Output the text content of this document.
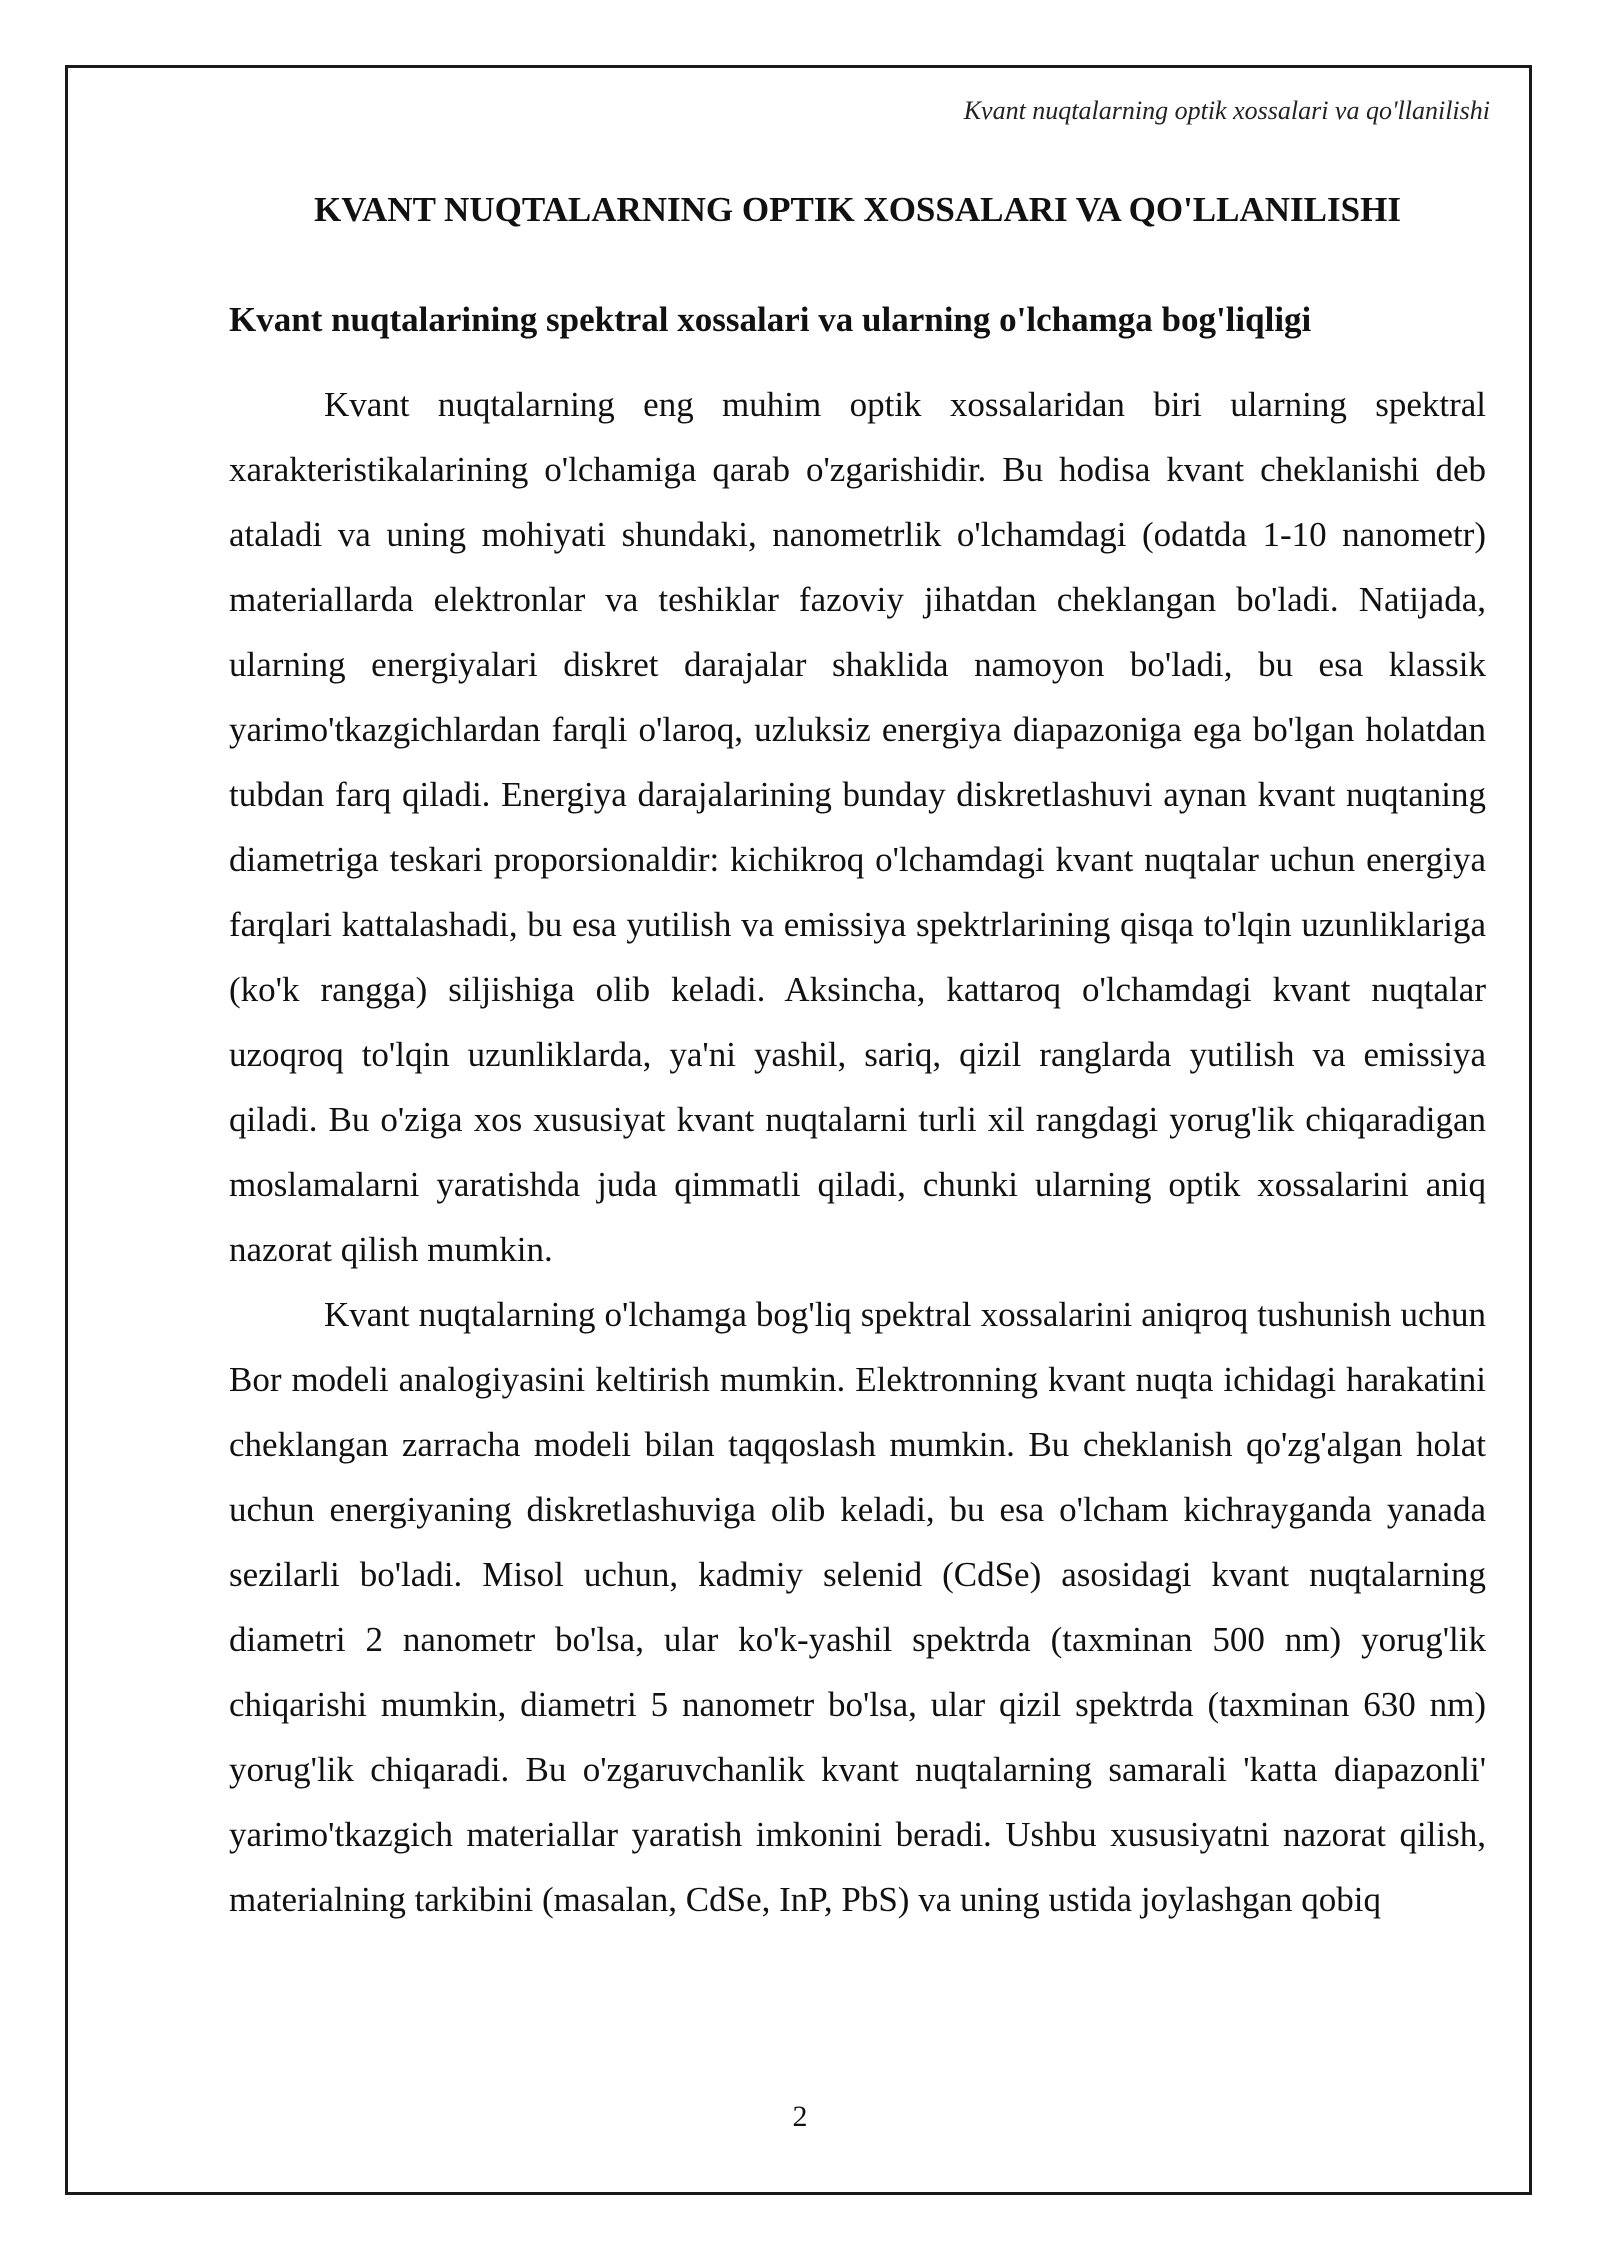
Kvant nuqtalarning optik xossalari va qo'llanilishi
KVANT NUQTALARNING OPTIK XOSSALARI VA QO'LLANILISHI
Kvant nuqtalarining spektral xossalari va ularning o'lchamga bog'liqligi

Kvant nuqtalarning eng muhim optik xossalaridan biri ularning spektral xarakteristikalarining o'lchamiga qarab o'zgarishidir. Bu hodisa kvant cheklanishi deb ataladi va uning mohiyati shundaki, nanometrlik o'lchamdagi (odatda 1-10 nanometr) materiallarda elektronlar va teshiklar fazoviy jihatdan cheklangan bo'ladi. Natijada, ularning energiyalari diskret darajalar shaklida namoyon bo'ladi, bu esa klassik yarimo'tkazgichlardan farqli o'laroq, uzluksiz energiya diapazoniga ega bo'lgan holatdan tubdan farq qiladi. Energiya darajalarining bunday diskretlashuvi aynan kvant nuqtaning diametriga teskari proporsionaldir: kichikroq o'lchamdagi kvant nuqtalar uchun energiya farqlari kattalashadi, bu esa yutilish va emissiya spektrlarining qisqa to'lqin uzunliklariga (ko'k rangga) siljishiga olib keladi. Aksincha, kattaroq o'lchamdagi kvant nuqtalar uzoqroq to'lqin uzunliklarda, ya'ni yashil, sariq, qizil ranglarda yutilish va emissiya qiladi. Bu o'ziga xos xususiyat kvant nuqtalarni turli xil rangdagi yorug'lik chiqaradigan moslamalarni yaratishda juda qimmatli qiladi, chunki ularning optik xossalarini aniq nazorat qilish mumkin.

Kvant nuqtalarning o'lchamga bog'liq spektral xossalarini aniqroq tushunish uchun Bor modeli analogiyasini keltirish mumkin. Elektronning kvant nuqta ichidagi harakatini cheklangan zarracha modeli bilan taqqoslash mumkin. Bu cheklanish qo'zg'algan holat uchun energiyaning diskretlashuviga olib keladi, bu esa o'lcham kichrayganda yanada sezilarli bo'ladi. Misol uchun, kadmiy selenid (CdSe) asosidagi kvant nuqtalarning diametri 2 nanometr bo'lsa, ular ko'k-yashil spektrda (taxminan 500 nm) yorug'lik chiqarishi mumkin, diametri 5 nanometr bo'lsa, ular qizil spektrda (taxminan 630 nm) yorug'lik chiqaradi. Bu o'zgaruvchanlik kvant nuqtalarning samarali 'katta diapazonli' yarimo'tkazgich materiallar yaratish imkonini beradi. Ushbu xususiyatni nazorat qilish, materialning tarkibini (masalan, CdSe, InP, PbS) va uning ustida joylashgan qobiq

2
